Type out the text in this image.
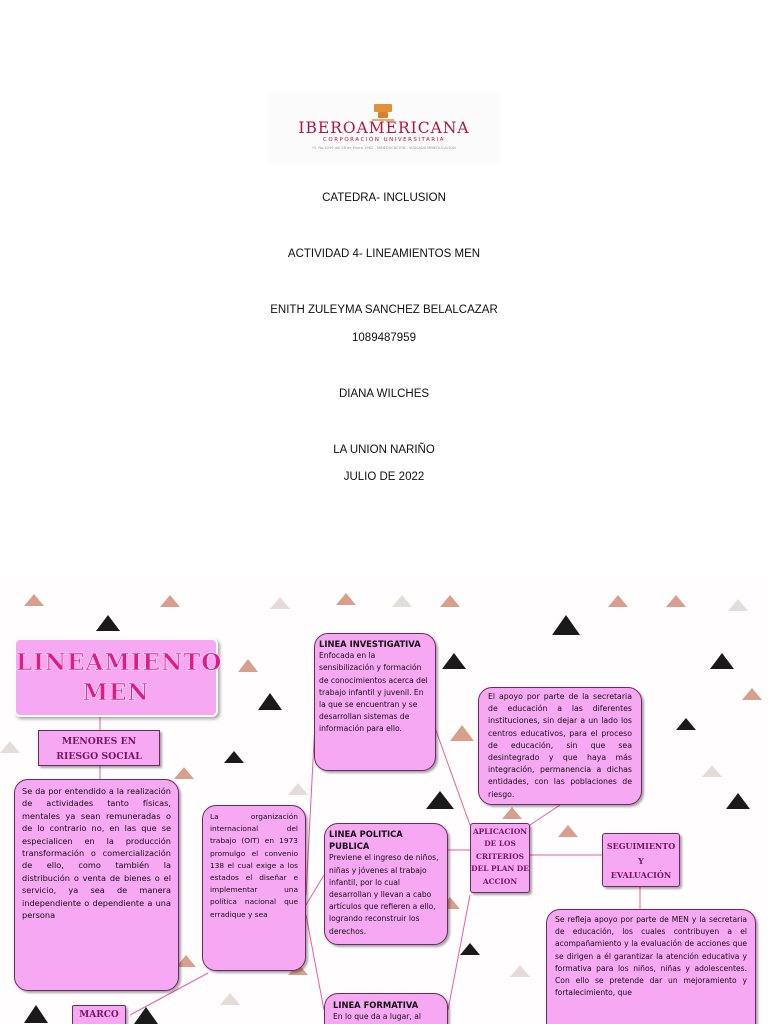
IBEROAMERICANA
CORPORACIÓN UNIVERSITARIA
P.J. No.1049 del 28 de Enero 1982 - MINEDUCACIÓN - VIGILADA MINEDUCACIÓN
CATEDRA- INCLUSION
ACTIVIDAD 4- LINEAMIENTOS MEN
ENITH ZULEYMA SANCHEZ BELALCAZAR
1089487959
DIANA WILCHES
LA UNION NARIÑO
JULIO DE 2022
LINEAMIENTO
MEN
MENORES EN
RIESGO SOCIAL
Se da por entendido a la realización de actividades tanto físicas, mentales ya sean remuneradas o de lo contrario no, en las que se especialicen en la producción transformación o comercialización de ello, como también la distribución o venta de bienes o el servicio, ya sea de manera independiente o dependiente a una persona
La organización internacional del trabajo (OIT) en 1973 promulgo el convenio 138 el cual exige a los estados el diseñar e implementar una política nacional que erradique y sea
MARCO
LINEA INVESTIGATIVA
Enfocada en la sensibilización y formación de conocimientos acerca del trabajo infantil y juvenil. En la que se encuentran y se desarrollan sistemas de información para ello.
LINEA POLITICA PUBLICA
Previene el ingreso de niños, niñas y jóvenes al trabajo infantil, por lo cual desarrollan y llevan a cabo artículos que refieren a ello, logrando reconstruir los derechos.
LINEA FORMATIVA
En lo que da a lugar, al
APLICACION
DE LOS
CRITERIOS
DEL PLAN DE
ACCION
El apoyo por parte de la secretaria de educación a las diferentes instituciones, sin dejar a un lado los centros educativos, para el proceso de educación, sin que sea desintegrado y que haya más integración, permanencia a dichas entidades, con las poblaciones de riesgo.
SEGUIMIENTO
Y
EVALUACIÓN
Se refleja apoyo por parte de MEN y la secretaria de educación, los cuales contribuyen a el acompañamiento y la evaluación de acciones que se dirigen a él garantizar la atención educativa y formativa para los niños, niñas y adolescentes. Con ello se pretende dar un mejoramiento y fortalecimiento, que
